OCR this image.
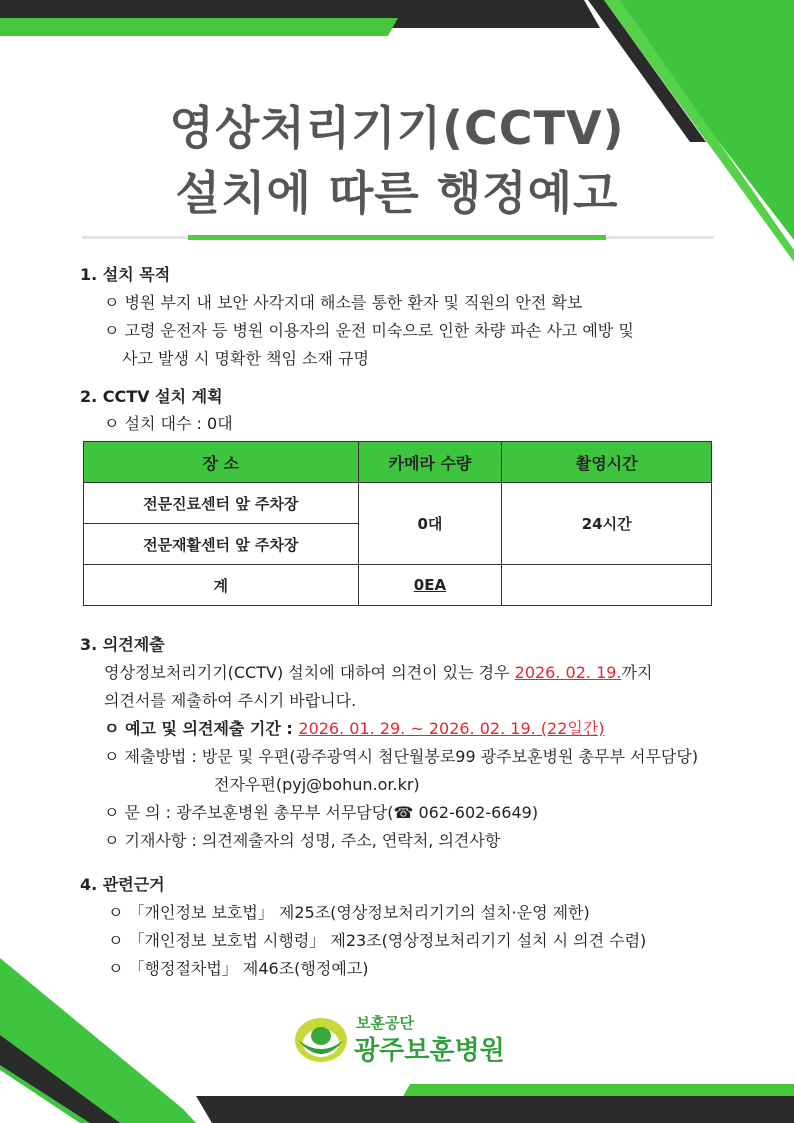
영상처리기기(CCTV)
설치에 따른 행정예고
1. 설치 목적
ㅇ 병원 부지 내 보안 사각지대 해소를 통한 환자 및 직원의 안전 확보
ㅇ 고령 운전자 등 병원 이용자의 운전 미숙으로 인한 차량 파손 사고 예방 및
사고 발생 시 명확한 책임 소재 규명
2. CCTV 설치 계획
ㅇ 설치 대수 : 0대
장 소	카메라 수량	촬영시간
전문진료센터 앞 주차장	0대	24시간
전문재활센터 앞 주차장		
계	0EA	
3. 의견제출
영상정보처리기기(CCTV) 설치에 대하여 의견이 있는 경우 2026. 02. 19.까지
의견서를 제출하여 주시기 바랍니다.
ㅇ 예고 및 의견제출 기간 : 2026. 01. 29. ~ 2026. 02. 19. (22일간)
ㅇ 제출방법 : 방문 및 우편(광주광역시 첨단월봉로99 광주보훈병원 총무부 서무담당)
전자우편(pyj@bohun.or.kr)
ㅇ 문 의 : 광주보훈병원 총무부 서무담당(☎ 062-602-6649)
ㅇ 기재사항 : 의견제출자의 성명, 주소, 연락처, 의견사항
4. 관련근거
ㅇ 「개인정보 보호법」 제25조(영상정보처리기기의 설치·운영 제한)
ㅇ 「개인정보 보호법 시행령」 제23조(영상정보처리기기 설치 시 의견 수렴)
ㅇ 「행정절차법」 제46조(행정예고)
보훈공단
광주보훈병원
